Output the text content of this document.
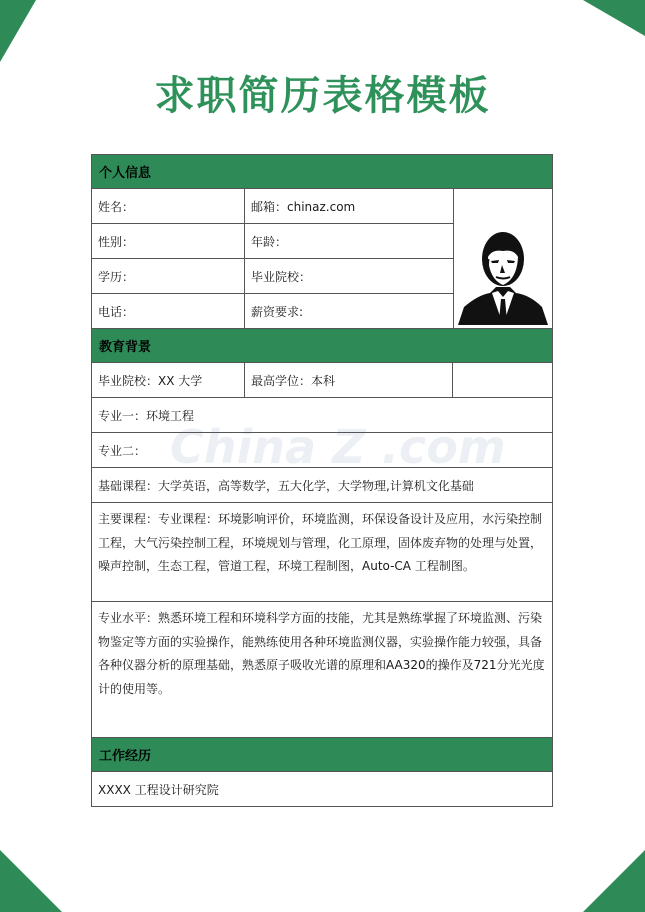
求职简历表格模板
China Z .com
个人信息
姓名：	邮箱：chinaz.com
性别：	年龄：
学历：	毕业院校：
电话：	薪资要求:
教育背景
毕业院校：XX 大学	最高学位：本科
专业一：环境工程
专业二：
基础课程：大学英语，高等数学，五大化学，大学物理,计算机文化基础
主要课程：专业课程：环境影响评价，环境监测，环保设备设计及应用，水污染控制工程，大气污染控制工程，环境规划与管理，化工原理，固体废弃物的处理与处置，噪声控制，生态工程，管道工程，环境工程制图，Auto-CA 工程制图。
专业水平：熟悉环境工程和环境科学方面的技能，尤其是熟练掌握了环境监测、污染物鉴定等方面的实验操作，能熟练使用各种环境监测仪器，实验操作能力较强，具备各种仪器分析的原理基础，熟悉原子吸收光谱的原理和AA320的操作及721分光光度计的使用等。
工作经历
XXXX 工程设计研究院
